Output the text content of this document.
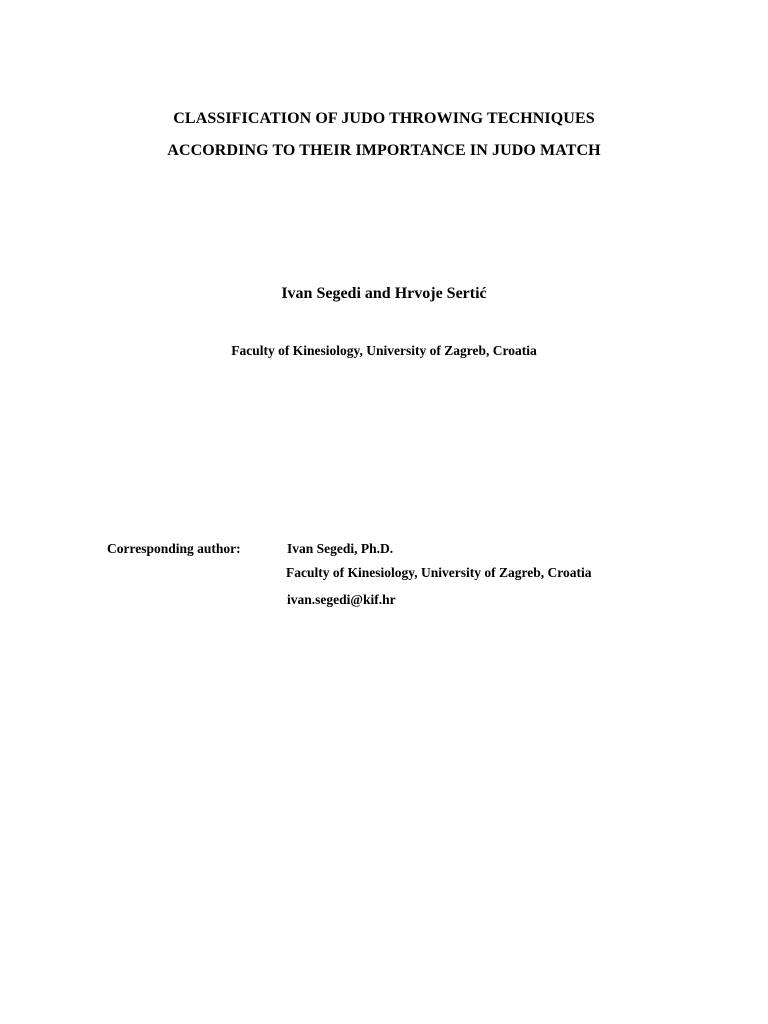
CLASSIFICATION OF JUDO THROWING TECHNIQUES
ACCORDING TO THEIR IMPORTANCE IN JUDO MATCH
Ivan Segedi and Hrvoje Sertić
Faculty of Kinesiology, University of Zagreb, Croatia
Corresponding author:	Ivan Segedi, Ph.D.
Faculty of Kinesiology, University of Zagreb, Croatia
ivan.segedi@kif.hr
